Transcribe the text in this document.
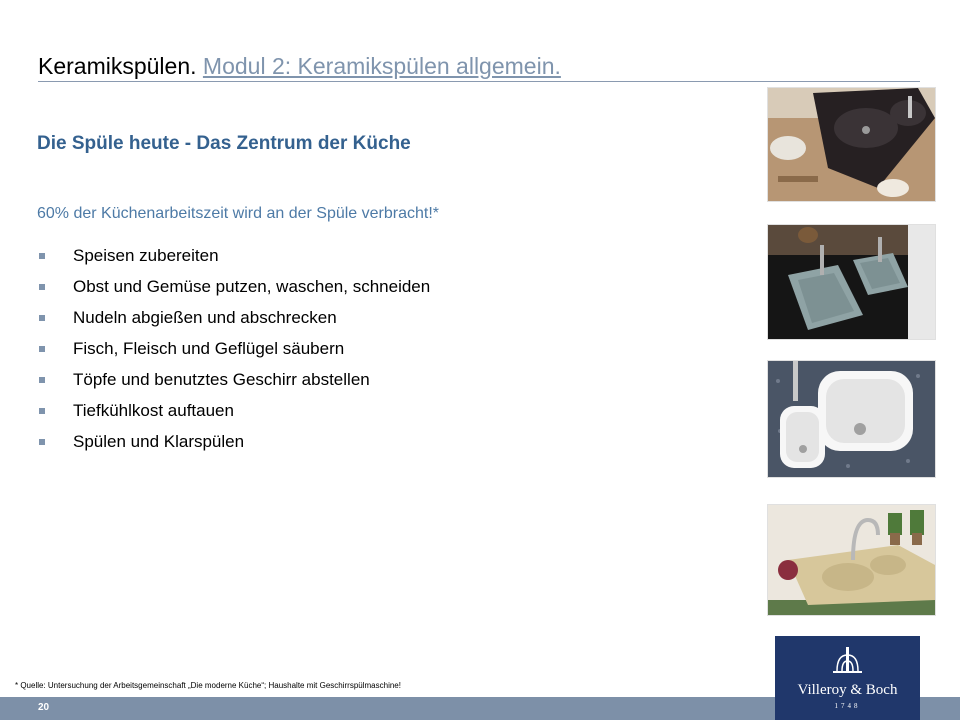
Keramikspülen. Modul 2: Keramikspülen allgemein.
Die Spüle heute - Das Zentrum der Küche
60% der Küchenarbeitszeit wird an der Spüle verbracht!*
Speisen zubereiten
Obst und Gemüse putzen, waschen, schneiden
Nudeln abgießen und abschrecken
Fisch, Fleisch und Geflügel säubern
Töpfe und benutztes Geschirr abstellen
Tiefkühlkost auftauen
Spülen und Klarspülen
* Quelle: Untersuchung der Arbeitsgemeinschaft „Die moderne Küche“; Haushalte mit Geschirrspülmaschine!
20
Villeroy & Boch
1748
